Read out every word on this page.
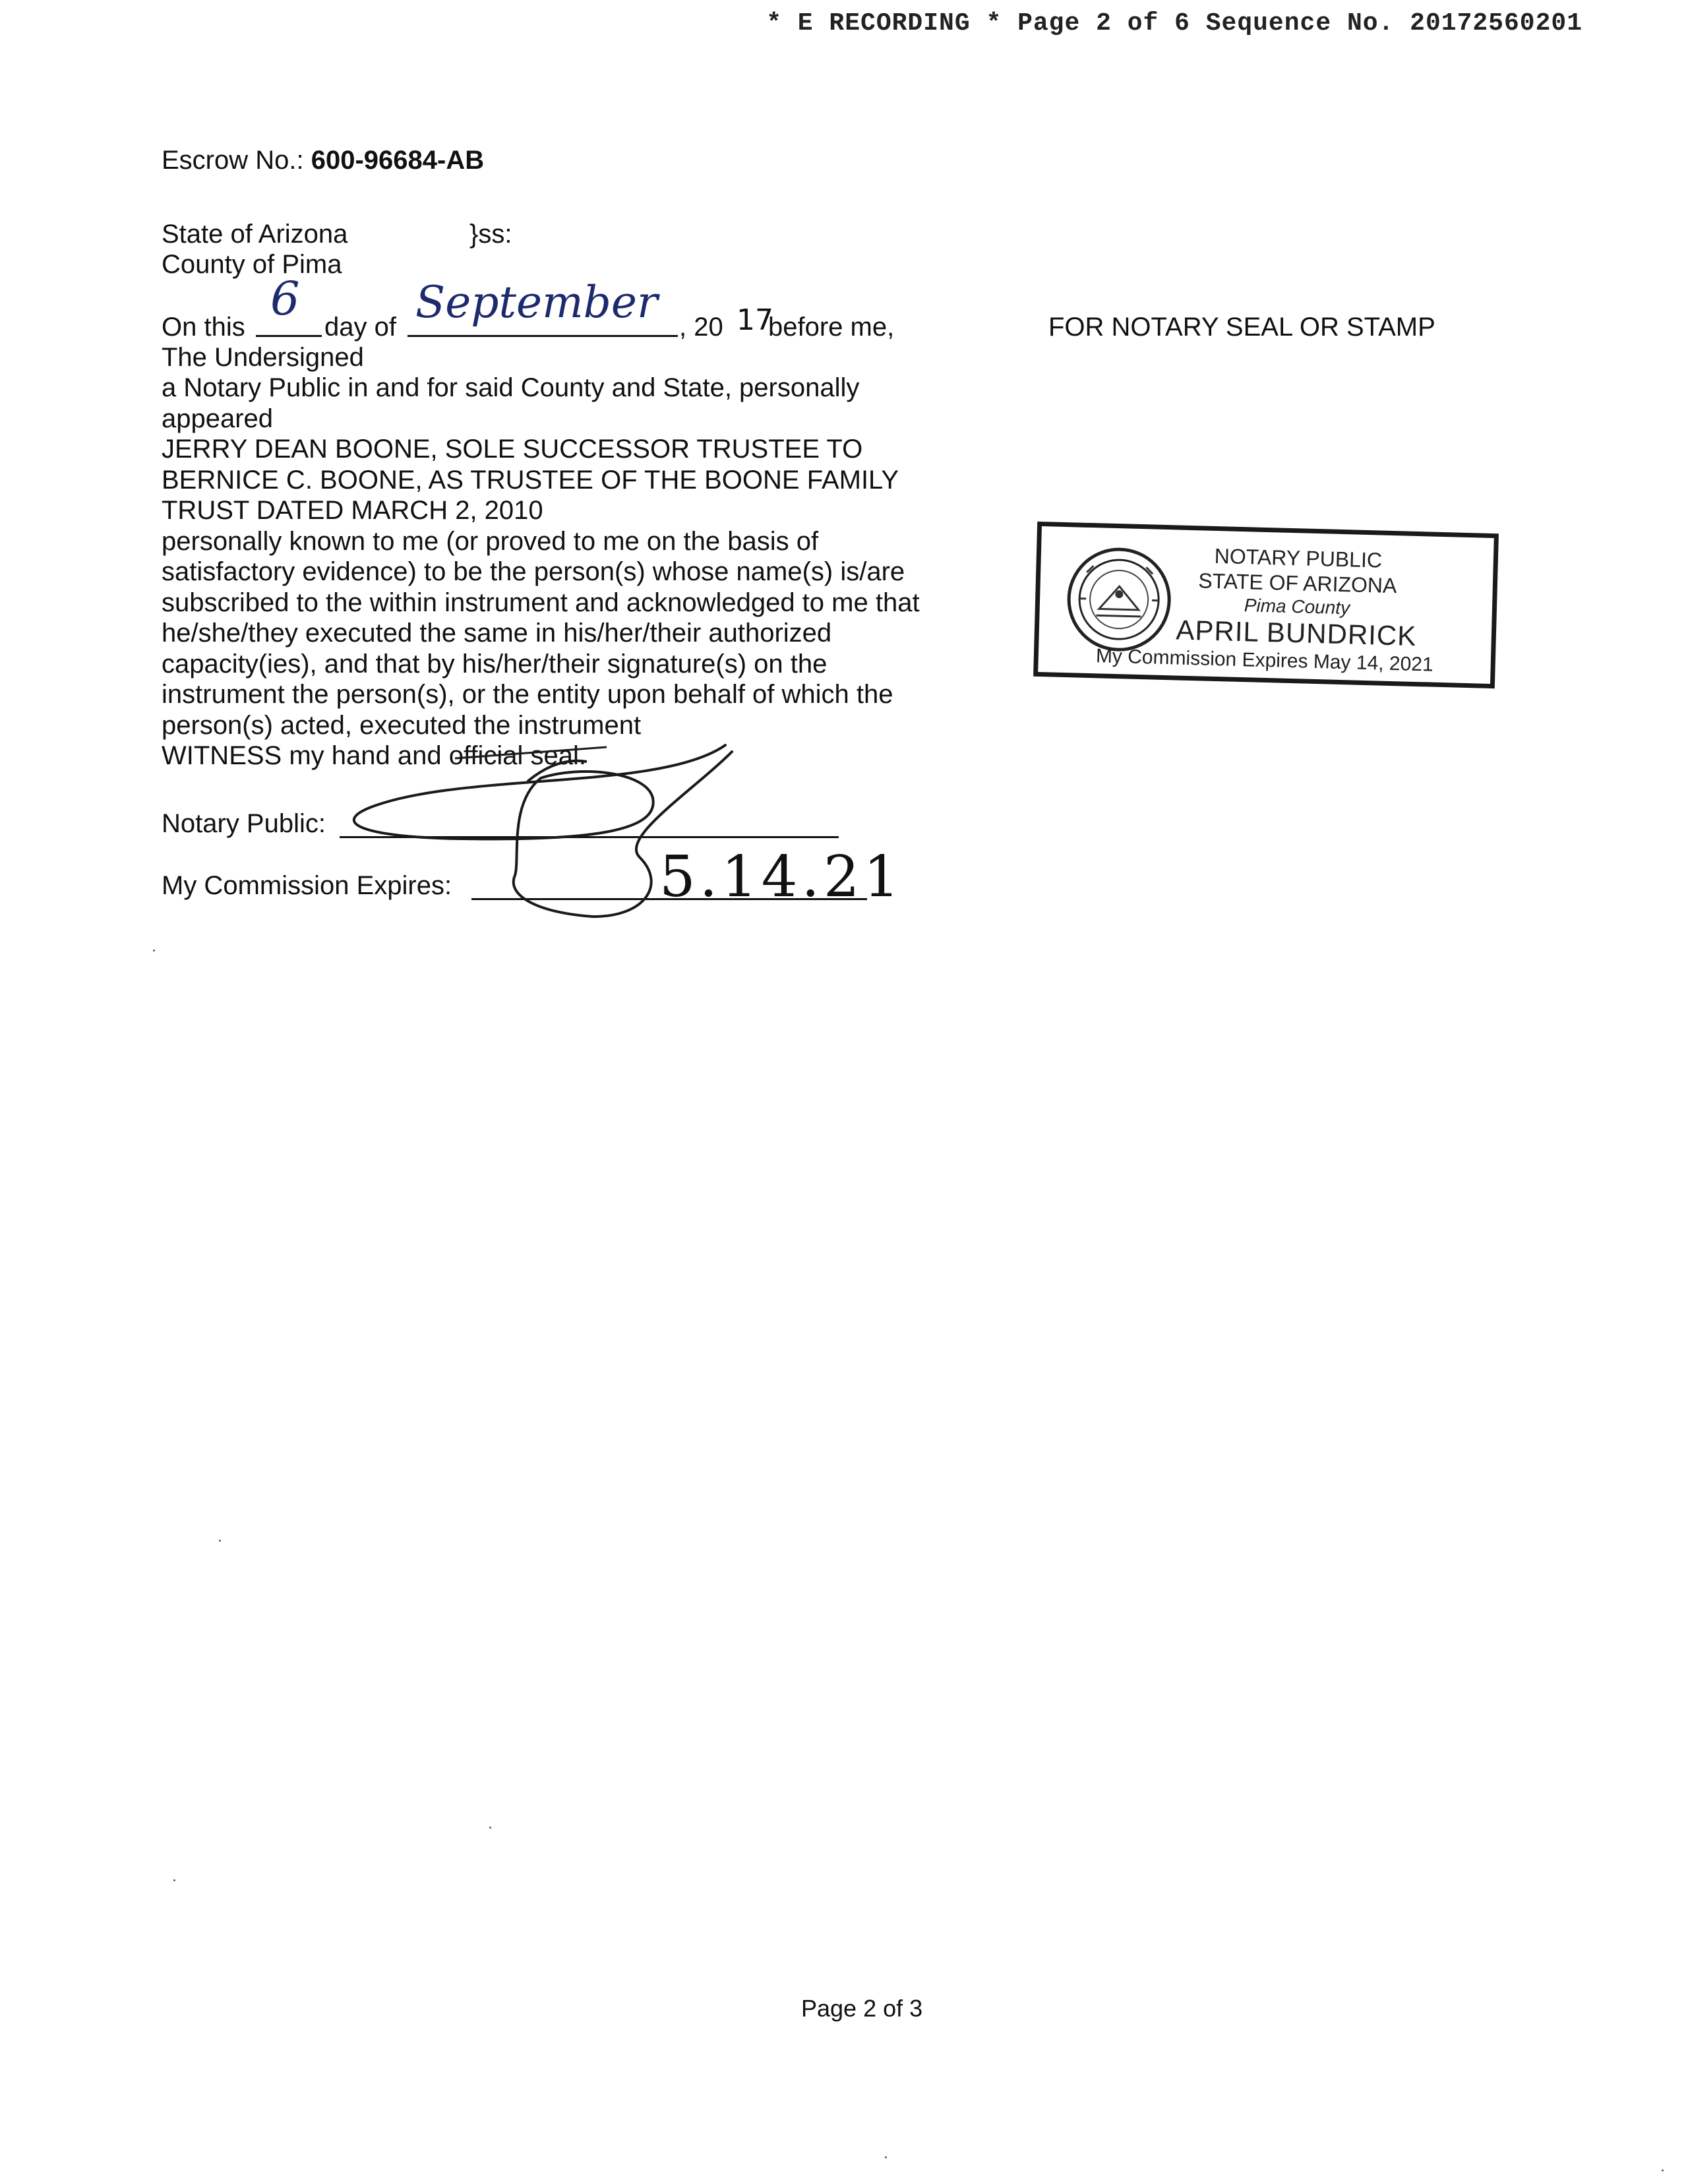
* E RECORDING * Page 2 of 6 Sequence No. 20172560201
Escrow No.: 600-96684-AB
State of Arizona	}ss:
County of Pima
On this
6
day of September , 20 17
before me,
The Undersigned
a Notary Public in and for said County and State, personally
appeared
JERRY DEAN BOONE, SOLE SUCCESSOR TRUSTEE TO
BERNICE C. BOONE, AS TRUSTEE OF THE BOONE FAMILY
TRUST DATED MARCH 2, 2010
personally known to me (or proved to me on the basis of
satisfactory evidence) to be the person(s) whose name(s) is/are
subscribed to the within instrument and acknowledged to me that
he/she/they executed the same in his/her/their authorized
capacity(ies), and that by his/her/their signature(s) on the
instrument the person(s), or the entity upon behalf of which the
person(s) acted, executed the instrument
WITNESS my hand and official seal.
Notary Public:
My Commission Expires:	5.14.21
FOR NOTARY SEAL OR STAMP
NOTARY PUBLIC
STATE OF ARIZONA
Pima County
APRIL BUNDRICK
My Commission Expires May 14, 2021
Page 2 of 3
